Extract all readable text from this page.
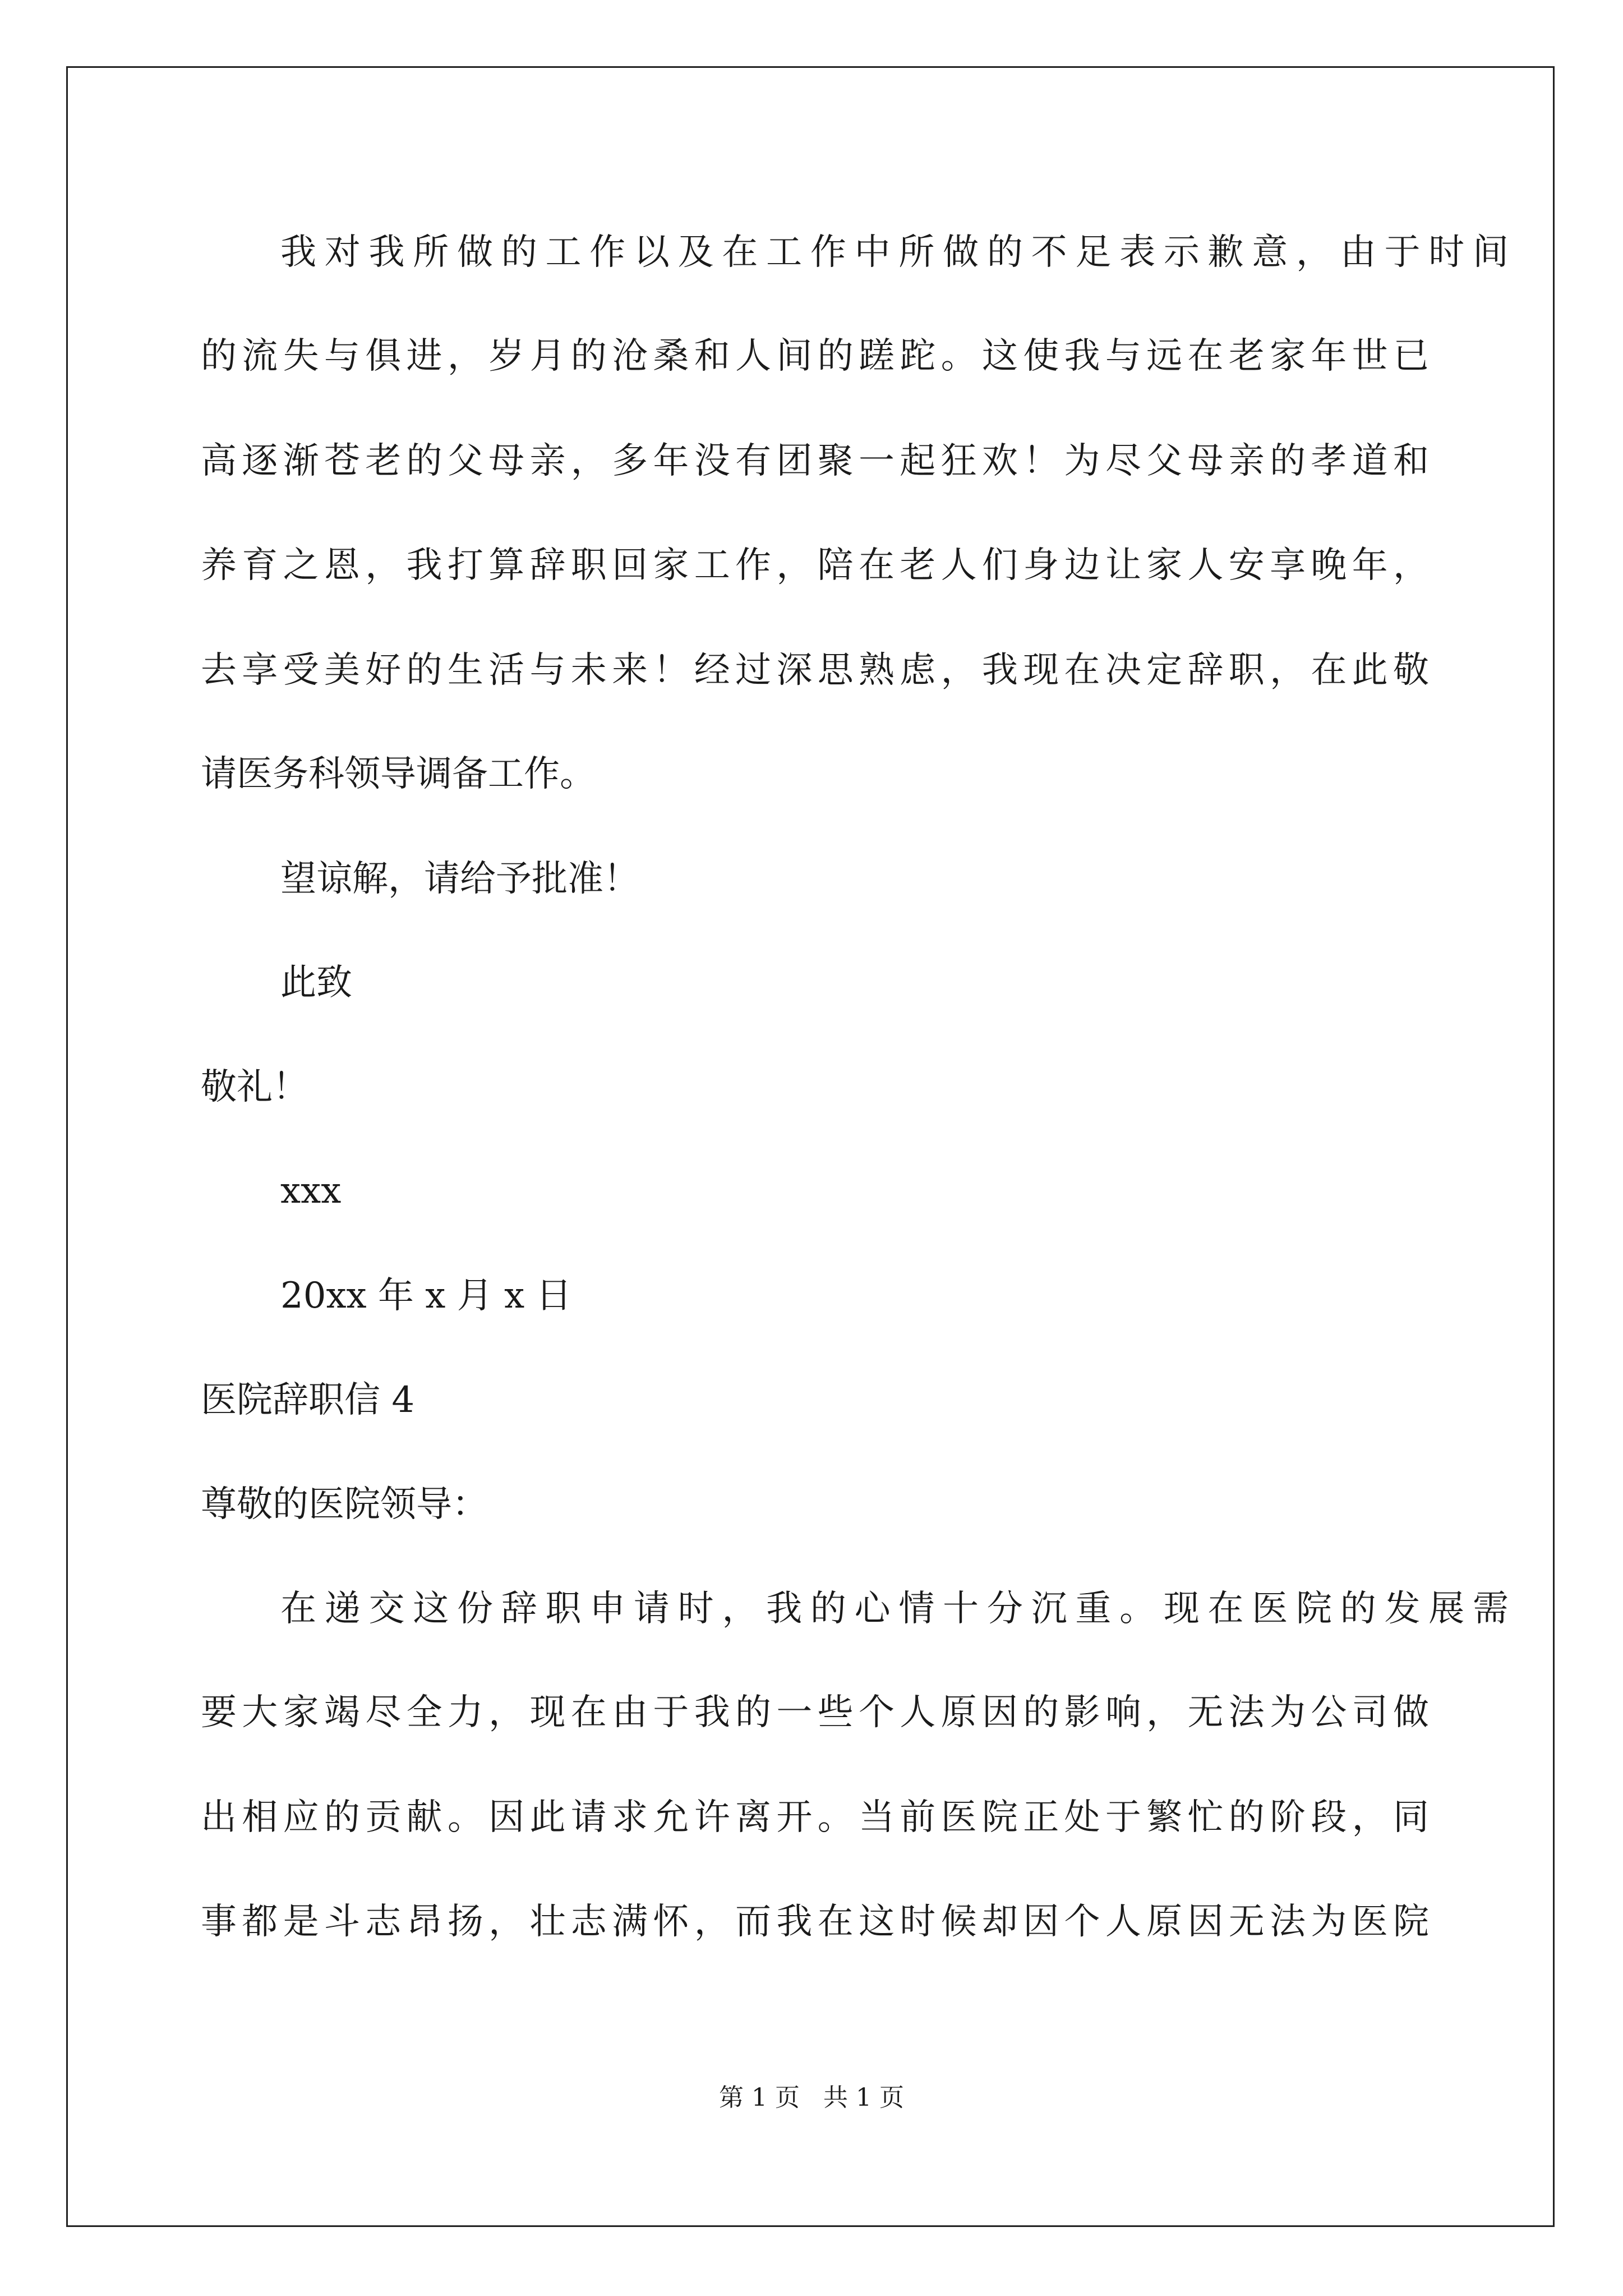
我对我所做的工作以及在工作中所做的不足表示歉意，由于时间
的流失与俱进，岁月的沧桑和人间的蹉跎。这使我与远在老家年世已
高逐渐苍老的父母亲，多年没有团聚一起狂欢！为尽父母亲的孝道和
养育之恩，我打算辞职回家工作，陪在老人们身边让家人安享晚年，
去享受美好的生活与未来！经过深思熟虑，我现在决定辞职，在此敬
请医务科领导调备工作。
望谅解，请给予批准！
此致
敬礼！
xxx
20xx 年 x 月 x 日
医院辞职信 4
尊敬的医院领导：
在递交这份辞职申请时，我的心情十分沉重。现在医院的发展需
要大家竭尽全力，现在由于我的一些个人原因的影响，无法为公司做
出相应的贡献。因此请求允许离开。当前医院正处于繁忙的阶段，同
事都是斗志昂扬，壮志满怀，而我在这时候却因个人原因无法为医院
第 1 页   共 1 页
